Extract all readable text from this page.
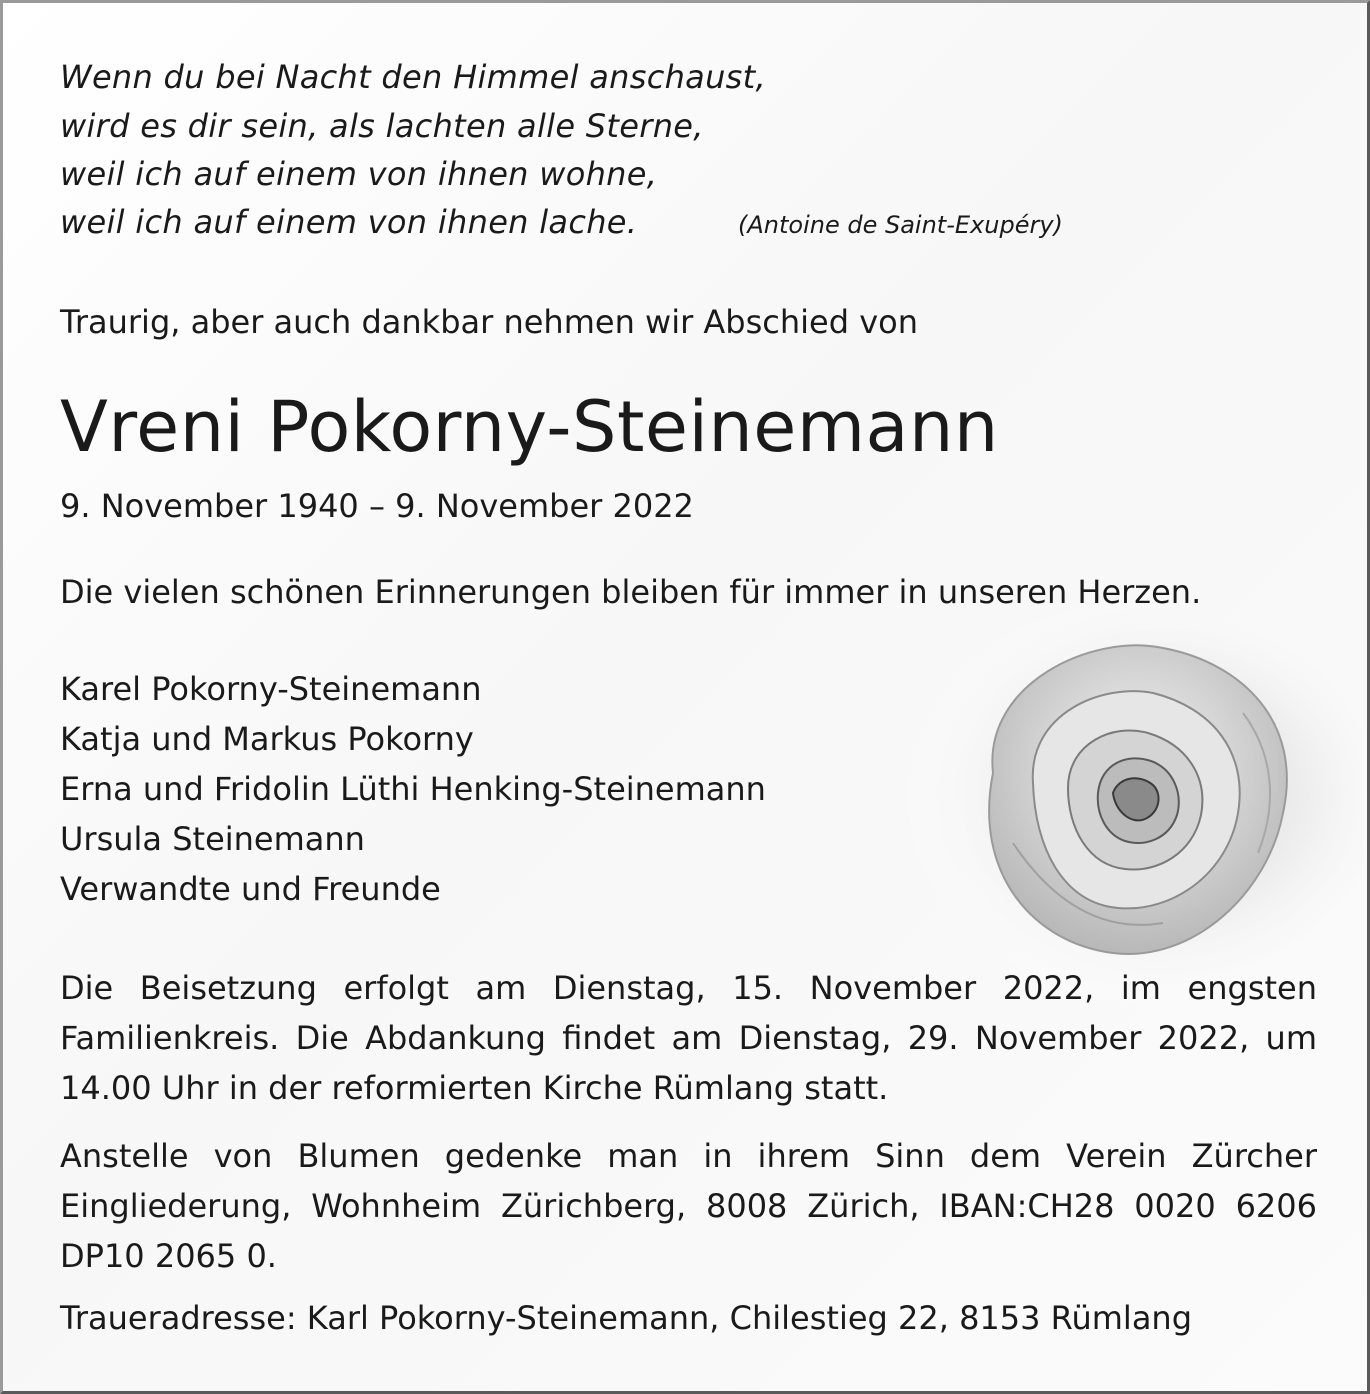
Wenn du bei Nacht den Himmel anschaust,
wird es dir sein, als lachten alle Sterne,
weil ich auf einem von ihnen wohne,
weil ich auf einem von ihnen lache.	(Antoine de Saint-Exupéry)
Traurig, aber auch dankbar nehmen wir Abschied von
Vreni Pokorny-Steinemann
9. November 1940 – 9. November 2022
Die vielen schönen Erinnerungen bleiben für immer in unseren Herzen.
Karel Pokorny-Steinemann
Katja und Markus Pokorny
Erna und Fridolin Lüthi Henking-Steinemann
Ursula Steinemann
Verwandte und Freunde
Die Beisetzung erfolgt am Dienstag, 15. November 2022, im engsten Familienkreis. Die Abdankung findet am Dienstag, 29. November 2022, um 14.00 Uhr in der reformierten Kirche Rümlang statt.
Anstelle von Blumen gedenke man in ihrem Sinn dem Verein Zürcher Eingliederung, Wohnheim Zürichberg, 8008 Zürich, IBAN:CH28 0020 6206 DP10 2065 0.
Traueradresse: Karl Pokorny-Steinemann, Chilestieg 22, 8153 Rümlang
